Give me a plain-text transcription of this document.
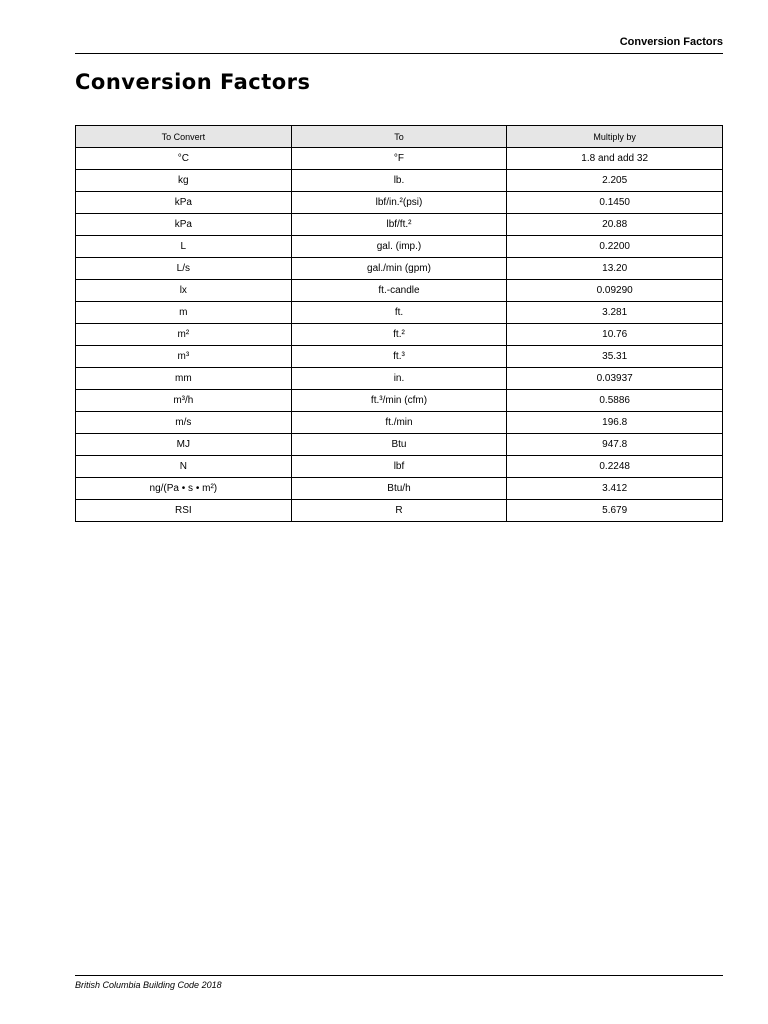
Conversion Factors
Conversion Factors
To Convert	To	Multiply by
°C	°F	1.8 and add 32
kg	lb.	2.205
kPa	lbf/in.²(psi)	0.1450
kPa	lbf/ft.²	20.88
L	gal. (imp.)	0.2200
L/s	gal./min (gpm)	13.20
lx	ft.-candle	0.09290
m	ft.	3.281
m²	ft.²	10.76
m³	ft.³	35.31
mm	in.	0.03937
m³/h	ft.³/min (cfm)	0.5886
m/s	ft./min	196.8
MJ	Btu	947.8
N	lbf	0.2248
ng/(Pa • s • m²)	Btu/h	3.412
RSI	R	5.679
British Columbia Building Code 2018
